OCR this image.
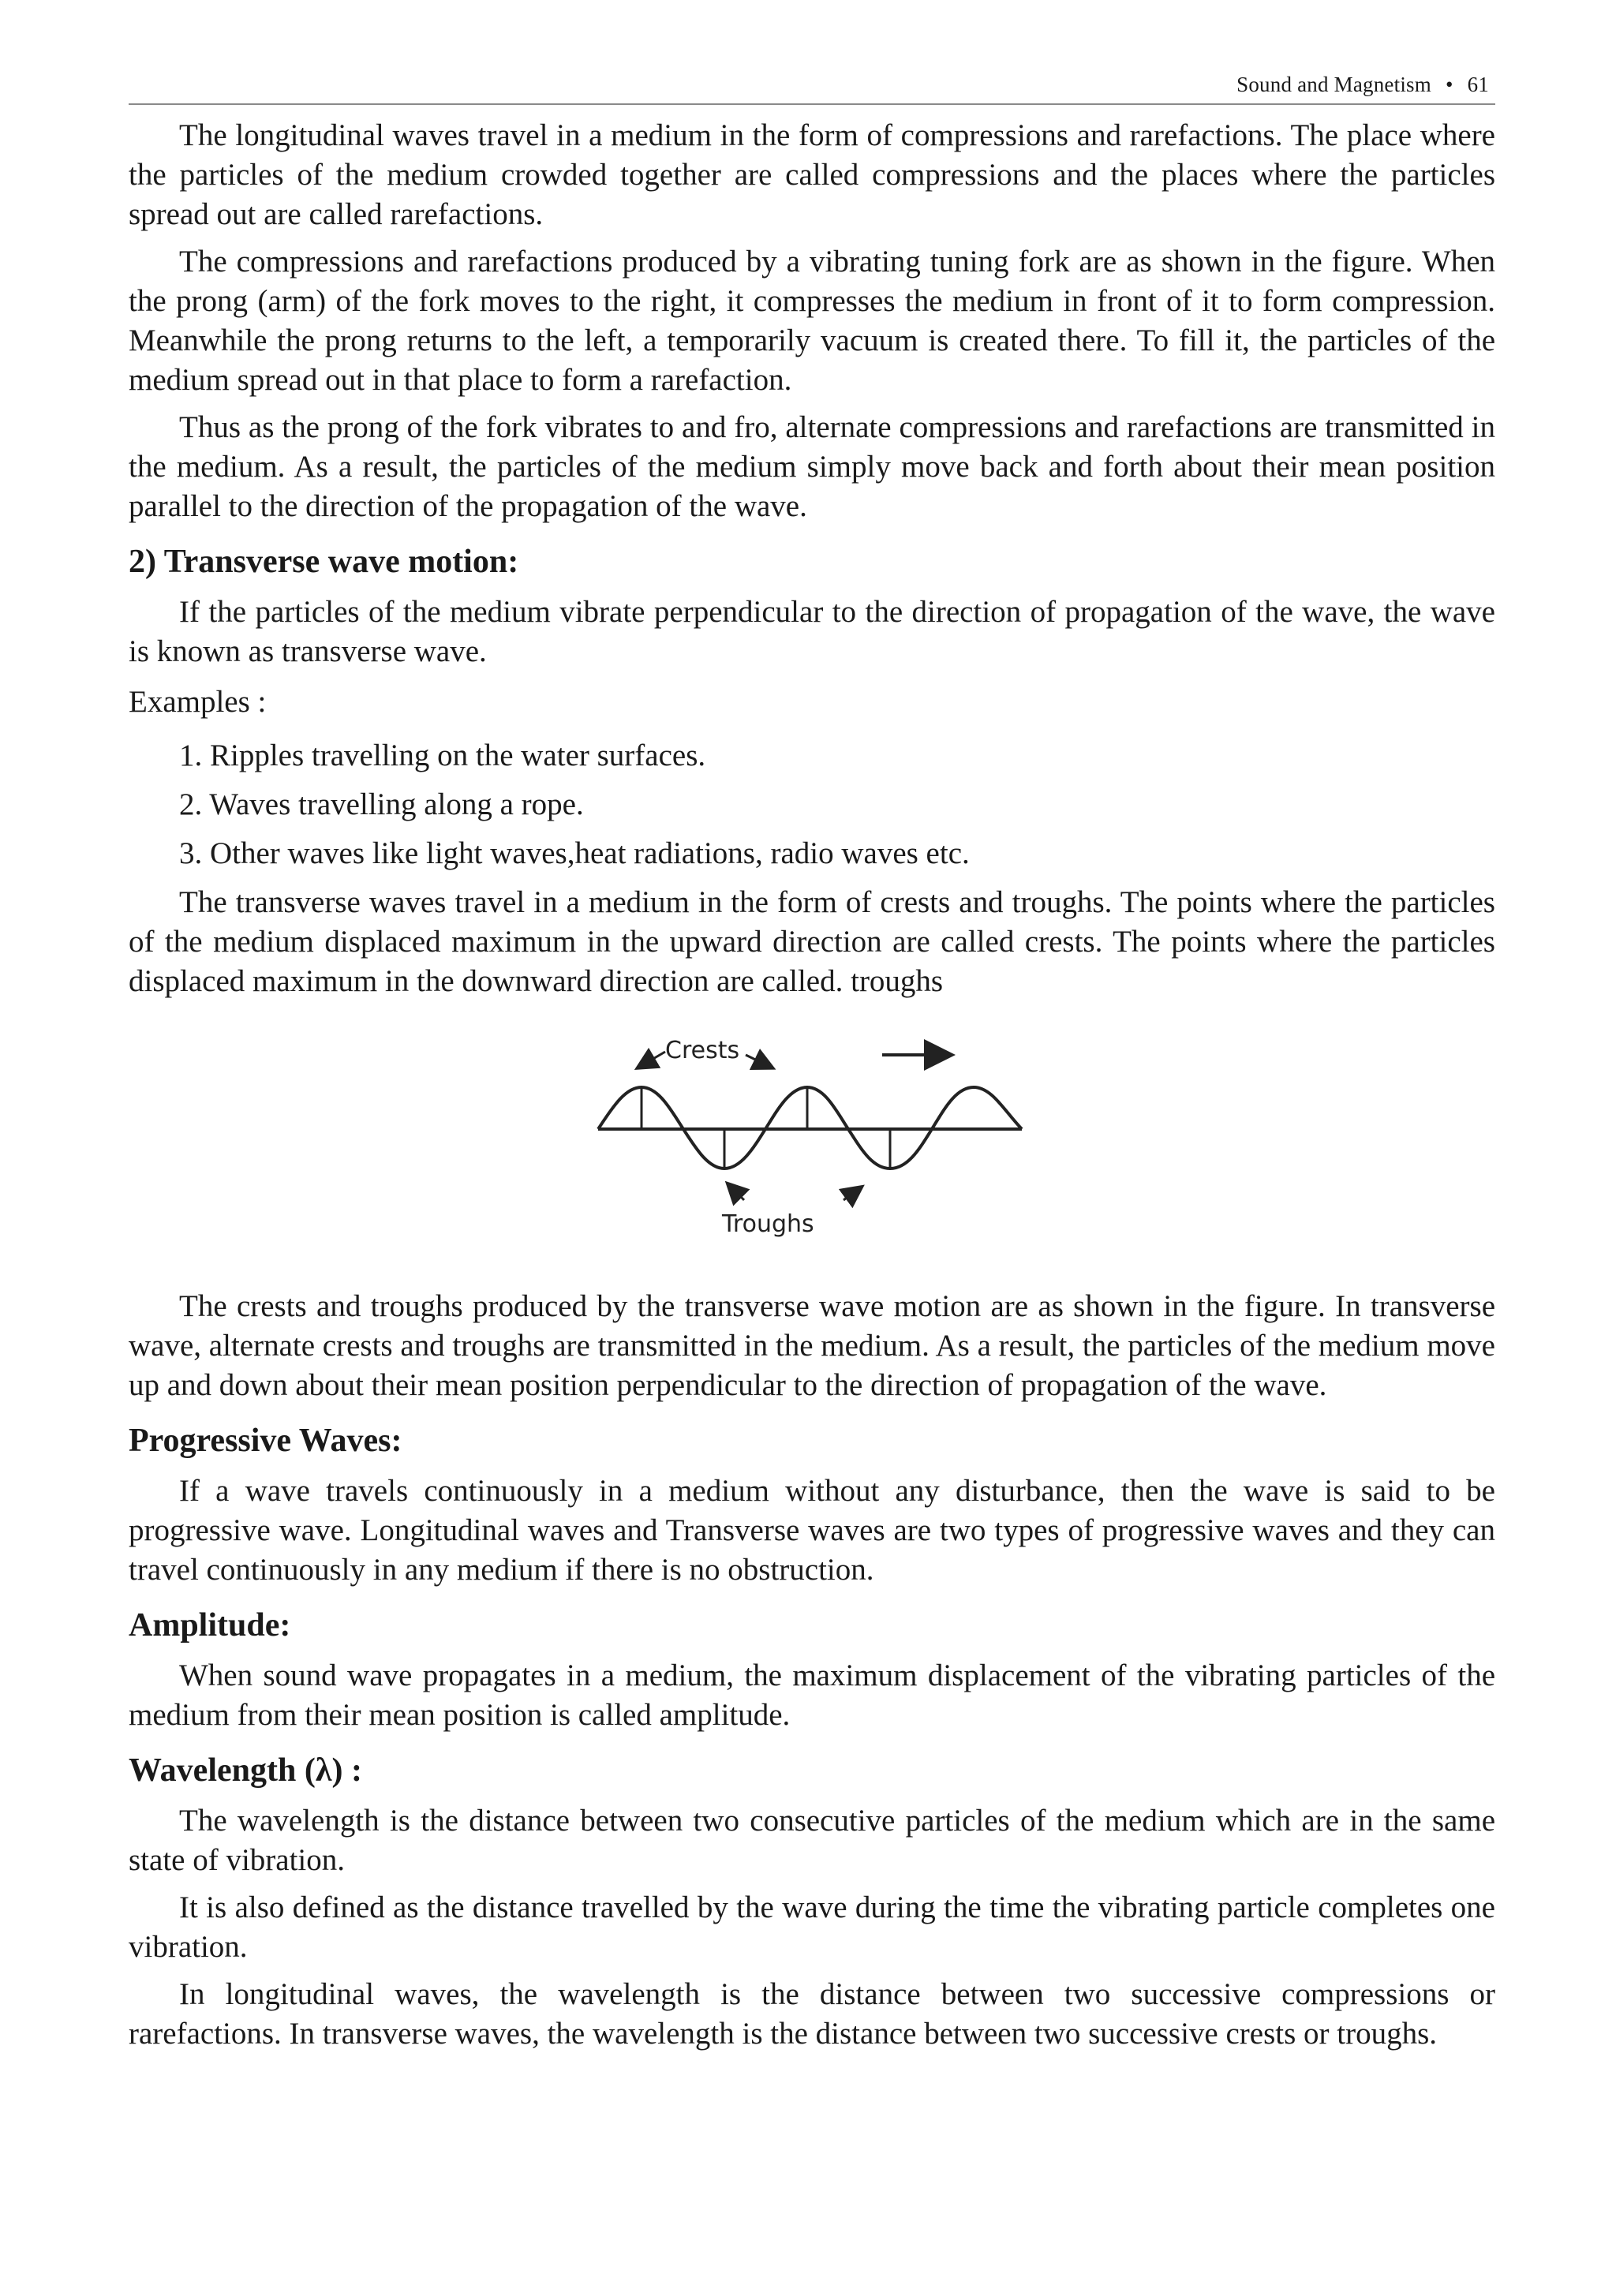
Sound and Magnetism • 61

The longitudinal waves travel in a medium in the form of compressions and rarefactions. The place where the particles of the medium crowded together are called compressions and the places where the particles spread out are called rarefactions.

The compressions and rarefactions produced by a vibrating tuning fork are as shown in the figure. When the prong (arm) of the fork moves to the right, it compresses the medium in front of it to form compression. Meanwhile the prong returns to the left, a temporarily vacuum is created there. To fill it, the particles of the medium spread out in that place to form a rarefaction.

Thus as the prong of the fork vibrates to and fro, alternate compressions and rarefactions are transmitted in the medium. As a result, the particles of the medium simply move back and forth about their mean position parallel to the direction of the propagation of the wave.

2) Transverse wave motion:

If the particles of the medium vibrate perpendicular to the direction of propagation of the wave, the wave is known as transverse wave.

Examples :
1. Ripples travelling on the water surfaces.
2. Waves travelling along a rope.
3. Other waves like light waves,heat radiations, radio waves etc.

The transverse waves travel in a medium in the form of crests and troughs. The points where the particles of the medium displaced maximum in the upward direction are called crests. The points where the particles displaced maximum in the downward direction are called. troughs

Crests
Troughs

The crests and troughs produced by the transverse wave motion are as shown in the figure. In transverse wave, alternate crests and troughs are transmitted in the medium. As a result, the particles of the medium move up and down about their mean position perpendicular to the direction of propagation of the wave.

Progressive Waves:

If a wave travels continuously in a medium without any disturbance, then the wave is said to be progressive wave. Longitudinal waves and Transverse waves are two types of progressive waves and they can travel continuously in any medium if there is no obstruction.

Amplitude:

When sound wave propagates in a medium, the maximum displacement of the vibrating particles of the medium from their mean position is called amplitude.

Wavelength (λ) :

The wavelength is the distance between two consecutive particles of the medium which are in the same state of vibration.

It is also defined as the distance travelled by the wave during the time the vibrating particle completes one vibration.

In longitudinal waves, the wavelength is the distance between two successive compressions or rarefactions. In transverse waves, the wavelength is the distance between two successive crests or troughs.
